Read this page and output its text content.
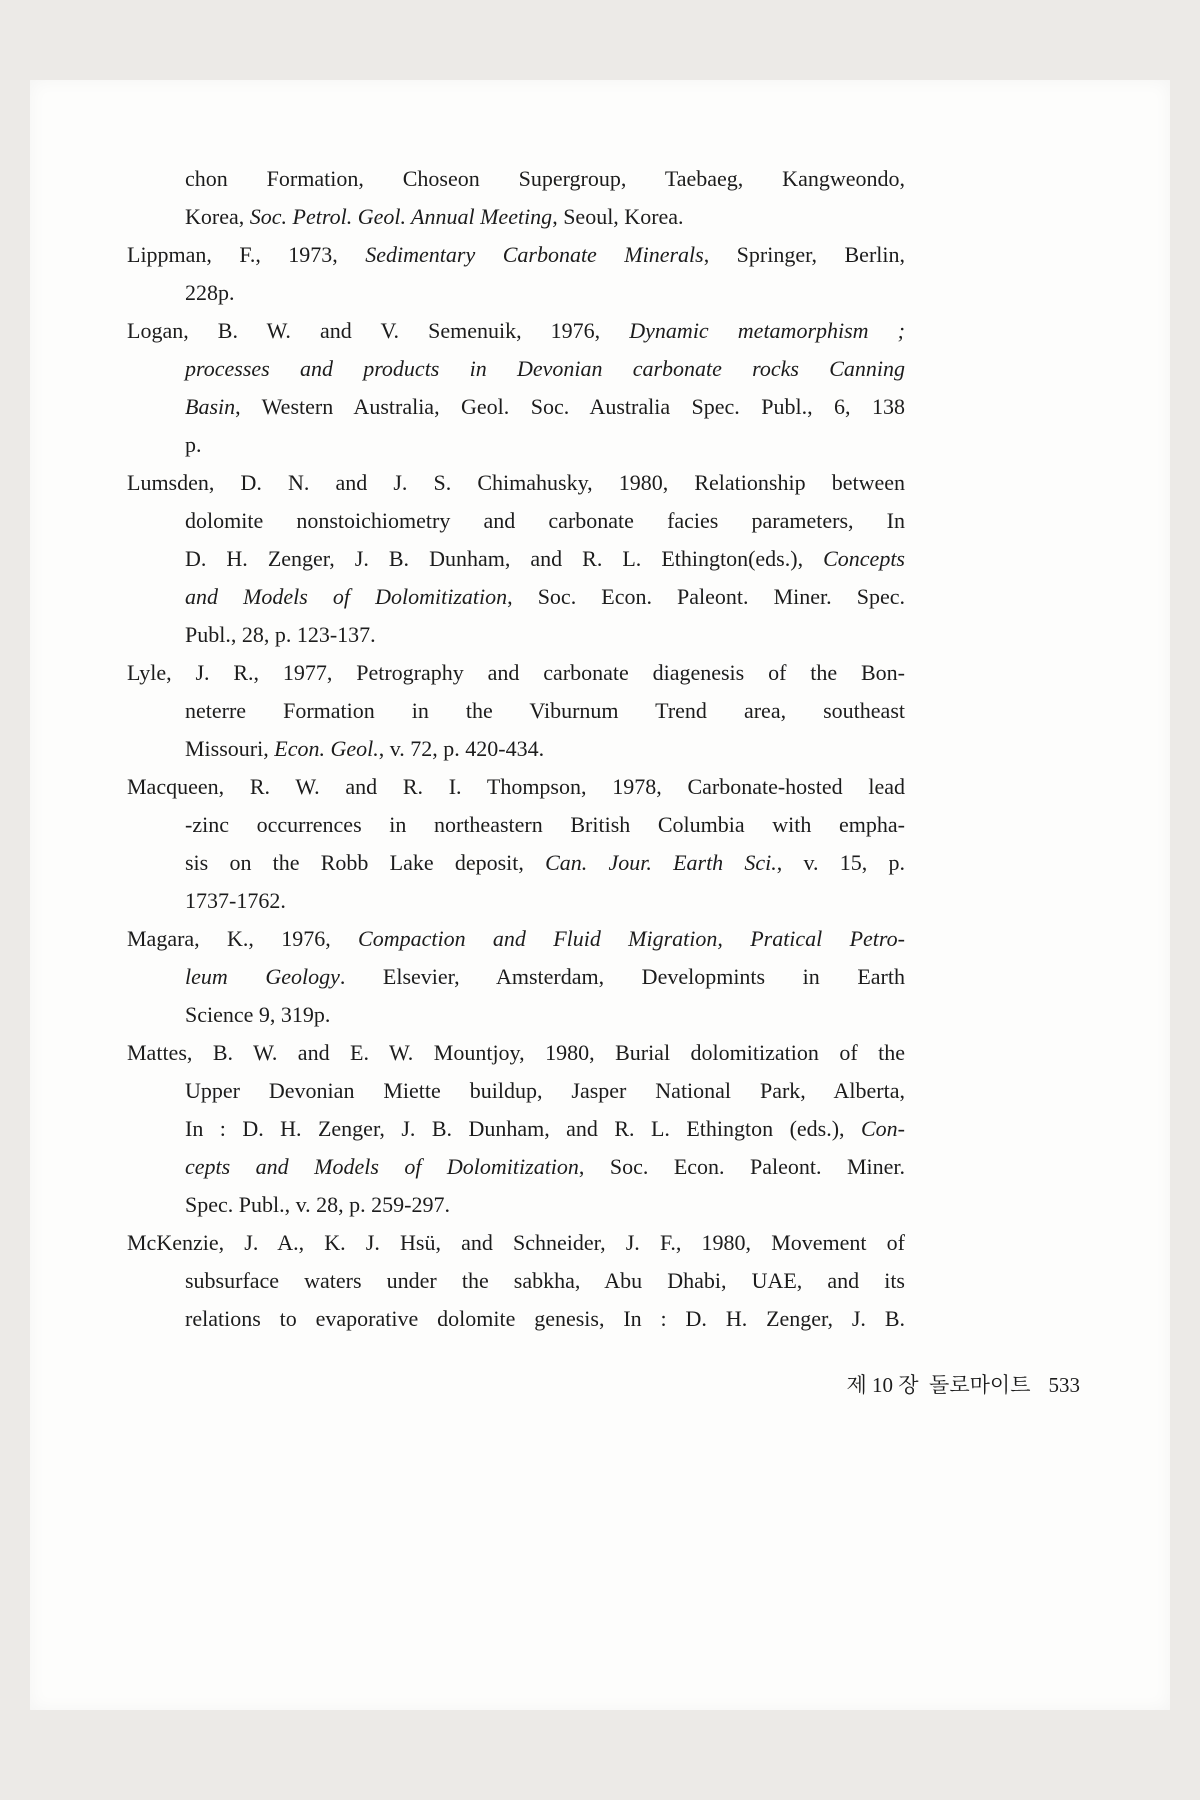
chon Formation, Choseon Supergroup, Taebaeg, Kangweondo,
Korea, Soc. Petrol. Geol. Annual Meeting, Seoul, Korea.
Lippman, F., 1973, Sedimentary Carbonate Minerals, Springer, Berlin,
228p.
Logan, B. W. and V. Semenuik, 1976, Dynamic metamorphism ;
processes and products in Devonian carbonate rocks Canning
Basin, Western Australia, Geol. Soc. Australia Spec. Publ., 6, 138
p.
Lumsden, D. N. and J. S. Chimahusky, 1980, Relationship between
dolomite nonstoichiometry and carbonate facies parameters, In
D. H. Zenger, J. B. Dunham, and R. L. Ethington(eds.), Concepts
and Models of Dolomitization, Soc. Econ. Paleont. Miner. Spec.
Publ., 28, p. 123-137.
Lyle, J. R., 1977, Petrography and carbonate diagenesis of the Bon-
neterre Formation in the Viburnum Trend area, southeast
Missouri, Econ. Geol., v. 72, p. 420-434.
Macqueen, R. W. and R. I. Thompson, 1978, Carbonate-hosted lead
-zinc occurrences in northeastern British Columbia with empha-
sis on the Robb Lake deposit, Can. Jour. Earth Sci., v. 15, p.
1737-1762.
Magara, K., 1976, Compaction and Fluid Migration, Pratical Petro-
leum Geology. Elsevier, Amsterdam, Developmints in Earth
Science 9, 319p.
Mattes, B. W. and E. W. Mountjoy, 1980, Burial dolomitization of the
Upper Devonian Miette buildup, Jasper National Park, Alberta,
In : D. H. Zenger, J. B. Dunham, and R. L. Ethington (eds.), Con-
cepts and Models of Dolomitization, Soc. Econ. Paleont. Miner.
Spec. Publ., v. 28, p. 259-297.
McKenzie, J. A., K. J. Hsü, and Schneider, J. F., 1980, Movement of
subsurface waters under the sabkha, Abu Dhabi, UAE, and its
relations to evaporative dolomite genesis, In : D. H. Zenger, J. B.

제 10 장  돌로마이트 533
